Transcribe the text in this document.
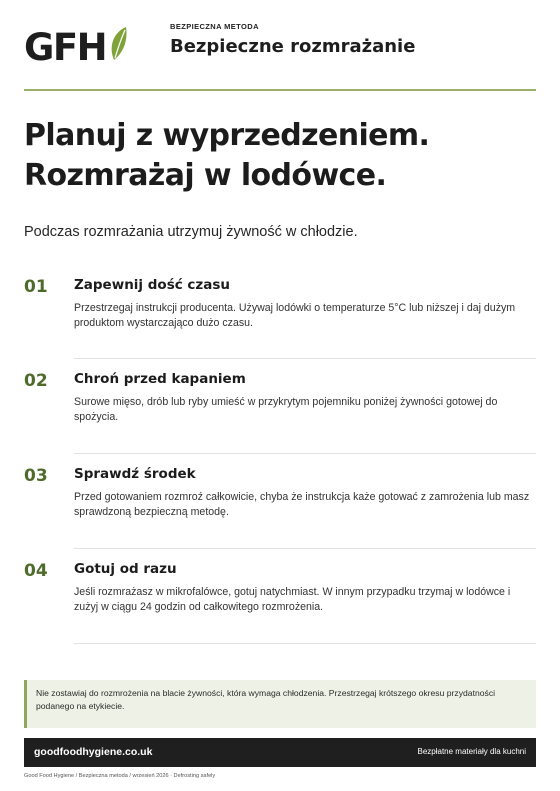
GFH	BEZPIECZNA METODA
Bezpieczne rozmrażanie
Planuj z wyprzedzeniem.
Rozmrażaj w lodówce.

Podczas rozmrażania utrzymuj żywność w chłodzie.

01 Zapewnij dość czasu
Przestrzegaj instrukcji producenta. Używaj lodówki o temperaturze 5°C lub niższej i daj dużym produktom wystarczająco dużo czasu.
02 Chroń przed kapaniem
Surowe mięso, drób lub ryby umieść w przykrytym pojemniku poniżej żywności gotowej do spożycia.
03 Sprawdź środek
Przed gotowaniem rozmroź całkowicie, chyba że instrukcja każe gotować z zamrożenia lub masz sprawdzoną bezpieczną metodę.
04 Gotuj od razu
Jeśli rozmrażasz w mikrofalówce, gotuj natychmiast. W innym przypadku trzymaj w lodówce i zużyj w ciągu 24 godzin od całkowitego rozmrożenia.
Nie zostawiaj do rozmrożenia na blacie żywności, która wymaga chłodzenia. Przestrzegaj krótszego okresu przydatności podanego na etykiecie.
goodfoodhygiene.co.uk	Bezpłatne materiały dla kuchni
Good Food Hygiene / Bezpieczna metoda / wrzesień 2026 · Defrosting safely
